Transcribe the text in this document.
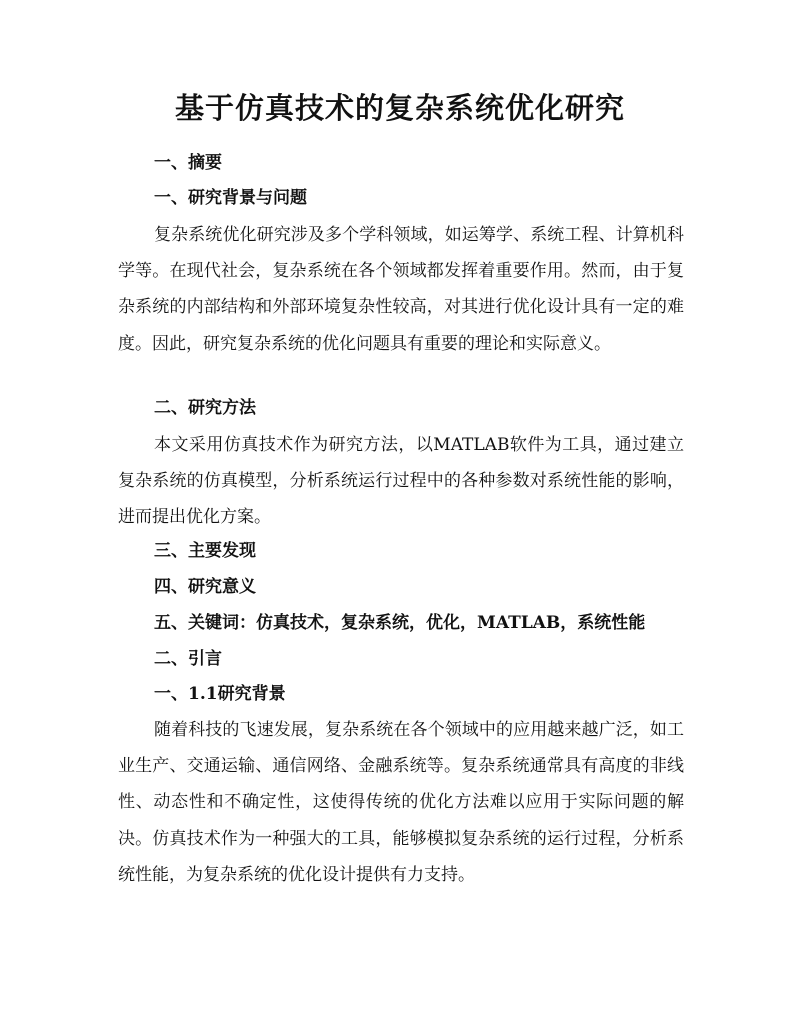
基于仿真技术的复杂系统优化研究
一、摘要
一、研究背景与问题

复杂系统优化研究涉及多个学科领域，如运筹学、系统工程、计算机科学等。在现代社会，复杂系统在各个领域都发挥着重要作用。然而，由于复杂系统的内部结构和外部环境复杂性较高，对其进行优化设计具有一定的难度。因此，研究复杂系统的优化问题具有重要的理论和实际意义。

二、研究方法

本文采用仿真技术作为研究方法，以MATLAB软件为工具，通过建立复杂系统的仿真模型，分析系统运行过程中的各种参数对系统性能的影响，进而提出优化方案。

三、主要发现
四、研究意义
五、关键词：仿真技术，复杂系统，优化，MATLAB，系统性能
二、引言
一、1.1研究背景

随着科技的飞速发展，复杂系统在各个领域中的应用越来越广泛，如工业生产、交通运输、通信网络、金融系统等。复杂系统通常具有高度的非线性、动态性和不确定性，这使得传统的优化方法难以应用于实际问题的解决。仿真技术作为一种强大的工具，能够模拟复杂系统的运行过程，分析系统性能，为复杂系统的优化设计提供有力支持。
